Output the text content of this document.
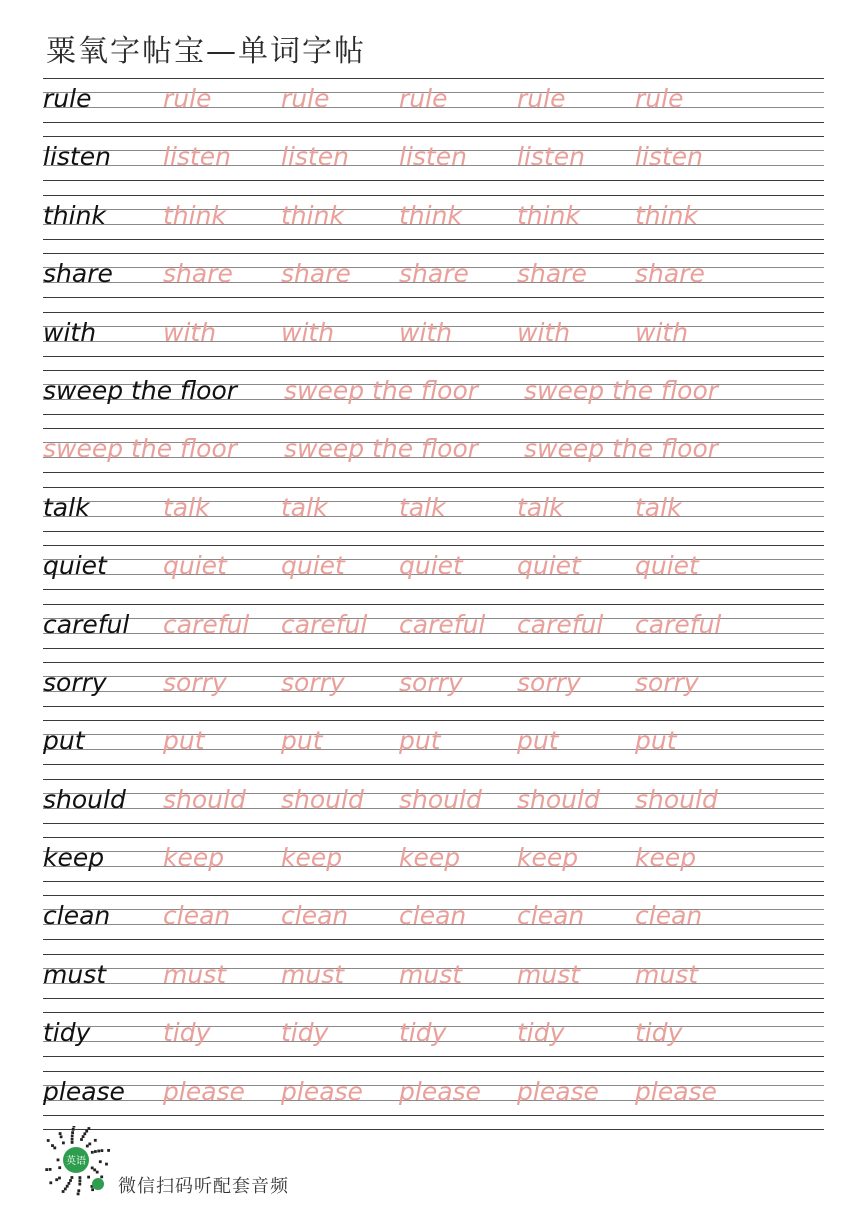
粟氧字帖宝—单词字帖
rule	rule	rule	rule	rule	rule
listen listen listen listen listen listen
think think think think think think
share share share share share share
with	with	with	with	with	with
sweep the floor sweep the floor sweep the floor
sweep the floor sweep the floor sweep the floor
talk	talk	talk	talk	talk	talk
quiet quiet quiet quiet quiet quiet
careful careful careful careful careful careful
sorry sorry sorry sorry sorry sorry
put	put	put	put	put	put
should should should should should should
keep keep keep keep keep keep
clean clean clean clean clean clean
must must must must must must
tidy	tidy	tidy	tidy	tidy	tidy
please please please please please please
英语
微信扫码听配套音频
